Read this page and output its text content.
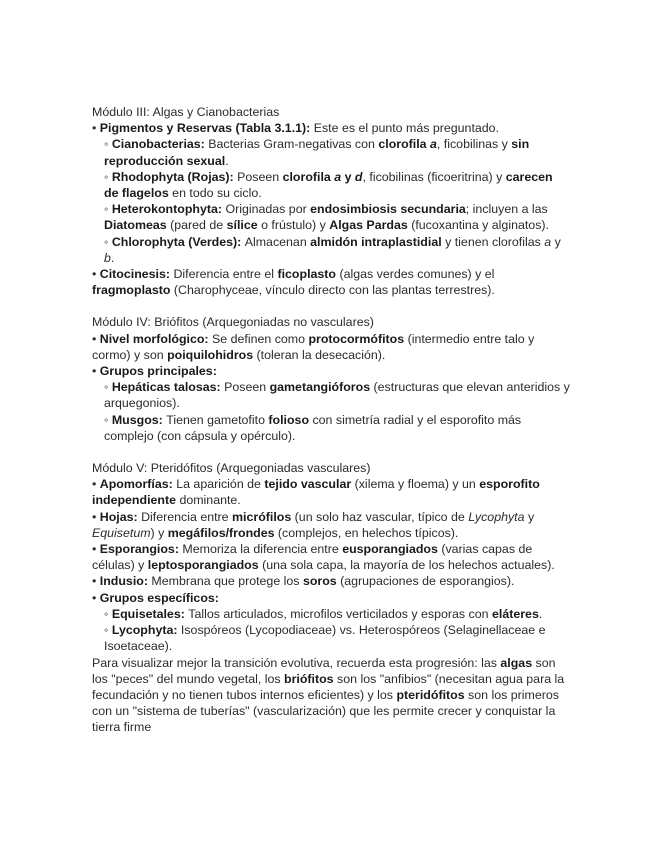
Módulo III: Algas y Cianobacterias

• Pigmentos y Reservas (Tabla 3.1.1): Este es el punto más preguntado.
◦ Cianobacterias: Bacterias Gram-negativas con clorofila a, ficobilinas y sin reproducción sexual.
◦ Rhodophyta (Rojas): Poseen clorofila a y d, ficobilinas (ficoeritrina) y carecen de flagelos en todo su ciclo.
◦ Heterokontophyta: Originadas por endosimbiosis secundaria; incluyen a las Diatomeas (pared de sílice o frústulo) y Algas Pardas (fucoxantina y alginatos).
◦ Chlorophyta (Verdes): Almacenan almidón intraplastidial y tienen clorofilas a y b.
• Citocinesis: Diferencia entre el ficoplasto (algas verdes comunes) y el fragmoplasto (Charophyceae, vínculo directo con las plantas terrestres).

Módulo IV: Briófitos (Arquegoniadas no vasculares)

• Nivel morfológico: Se definen como protocormófitos (intermedio entre talo y cormo) y son poiquilohidros (toleran la desecación).
• Grupos principales:
◦ Hepáticas talosas: Poseen gametangióforos (estructuras que elevan anteridios y arquegonios).
◦ Musgos: Tienen gametofito folioso con simetría radial y el esporofito más complejo (con cápsula y opérculo).

Módulo V: Pteridófitos (Arquegoniadas vasculares)

• Apomorfías: La aparición de tejido vascular (xilema y floema) y un esporofito independiente dominante.
• Hojas: Diferencia entre micrófilos (un solo haz vascular, típico de Lycophyta y Equisetum) y megáfilos/frondes (complejos, en helechos típicos).
• Esporangios: Memoriza la diferencia entre eusporangiados (varias capas de células) y leptosporangiados (una sola capa, la mayoría de los helechos actuales).
• Indusio: Membrana que protege los soros (agrupaciones de esporangios).
• Grupos específicos:
◦ Equisetales: Tallos articulados, microfilos verticilados y esporas con eláteres.
◦ Lycophyta: Isospóreos (Lycopodiaceae) vs. Heterospóreos (Selaginellaceae e Isoetaceae).
Para visualizar mejor la transición evolutiva, recuerda esta progresión: las algas son los "peces" del mundo vegetal, los briófitos son los "anfibios" (necesitan agua para la fecundación y no tienen tubos internos eficientes) y los pteridófitos son los primeros con un "sistema de tuberías" (vascularización) que les permite crecer y conquistar la tierra firme
